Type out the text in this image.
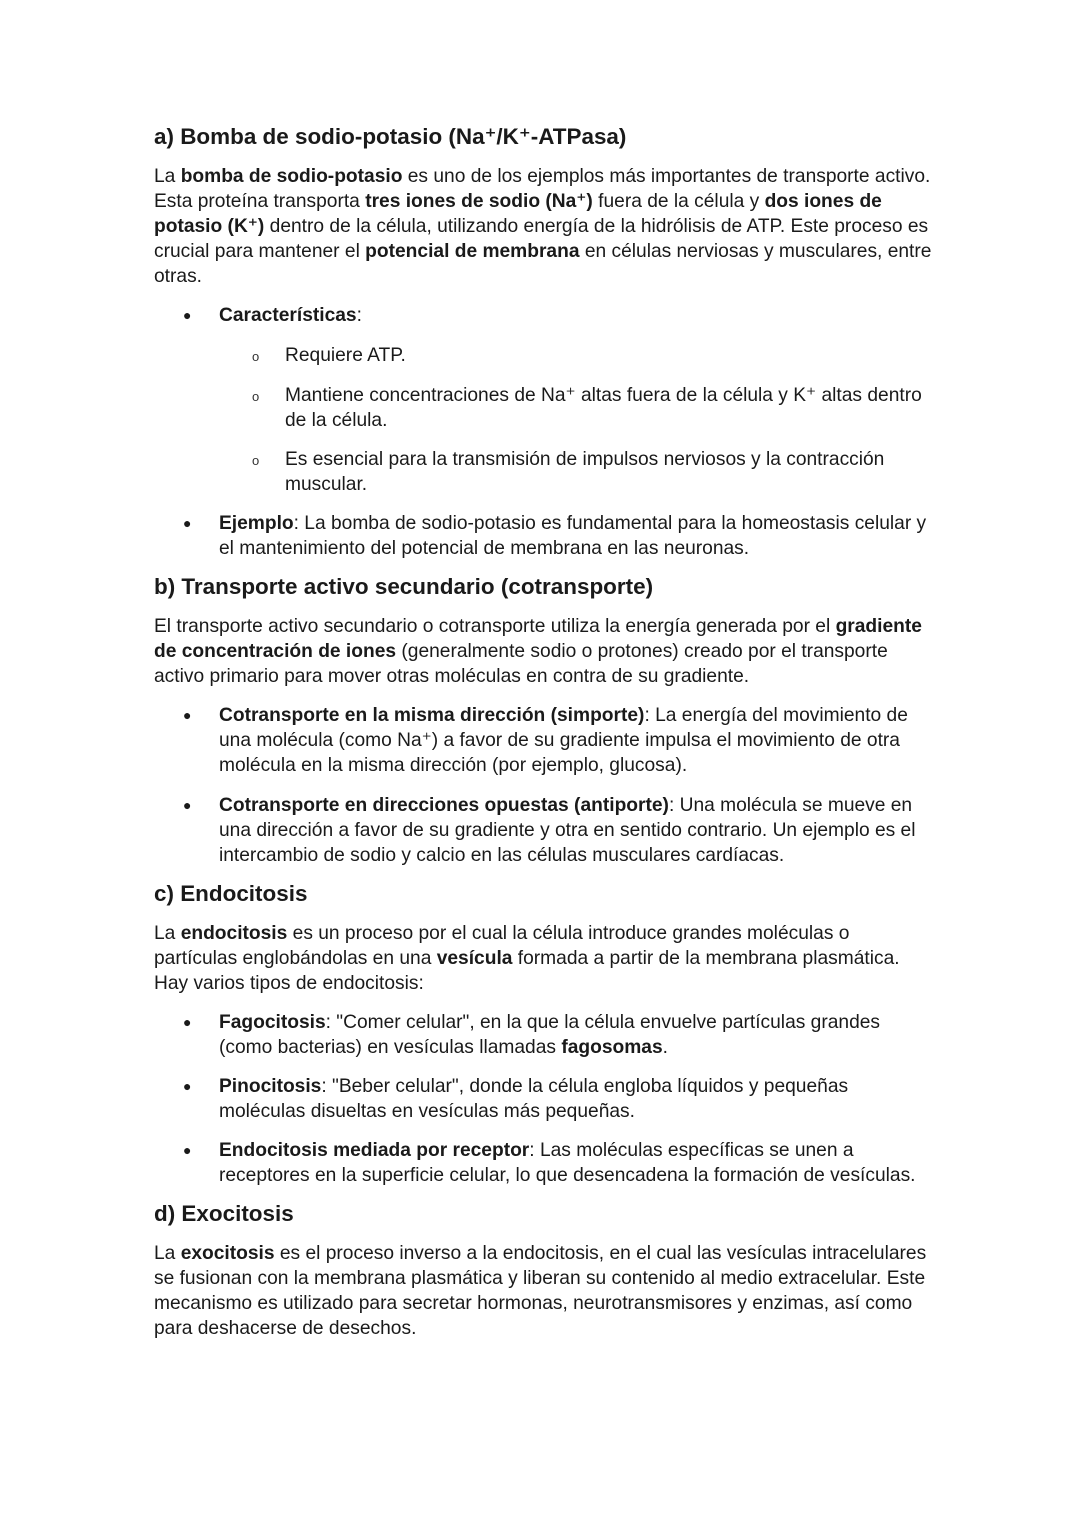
a) Bomba de sodio-potasio (Na⁺/K⁺-ATPasa)

La bomba de sodio-potasio es uno de los ejemplos más importantes de transporte activo. Esta proteína transporta tres iones de sodio (Na⁺) fuera de la célula y dos iones de potasio (K⁺) dentro de la célula, utilizando energía de la hidrólisis de ATP. Este proceso es crucial para mantener el potencial de membrana en células nerviosas y musculares, entre otras.

● Características:
o Requiere ATP.
o Mantiene concentraciones de Na⁺ altas fuera de la célula y K⁺ altas dentro de la célula.
o Es esencial para la transmisión de impulsos nerviosos y la contracción muscular.
● Ejemplo: La bomba de sodio-potasio es fundamental para la homeostasis celular y el mantenimiento del potencial de membrana en las neuronas.
b) Transporte activo secundario (cotransporte)

El transporte activo secundario o cotransporte utiliza la energía generada por el gradiente de concentración de iones (generalmente sodio o protones) creado por el transporte activo primario para mover otras moléculas en contra de su gradiente.

● Cotransporte en la misma dirección (simporte): La energía del movimiento de una molécula (como Na⁺) a favor de su gradiente impulsa el movimiento de otra molécula en la misma dirección (por ejemplo, glucosa).
● Cotransporte en direcciones opuestas (antiporte): Una molécula se mueve en una dirección a favor de su gradiente y otra en sentido contrario. Un ejemplo es el intercambio de sodio y calcio en las células musculares cardíacas.
c) Endocitosis

La endocitosis es un proceso por el cual la célula introduce grandes moléculas o partículas englobándolas en una vesícula formada a partir de la membrana plasmática. Hay varios tipos de endocitosis:

● Fagocitosis: "Comer celular", en la que la célula envuelve partículas grandes (como bacterias) en vesículas llamadas fagosomas.
● Pinocitosis: "Beber celular", donde la célula engloba líquidos y pequeñas moléculas disueltas en vesículas más pequeñas.
● Endocitosis mediada por receptor: Las moléculas específicas se unen a receptores en la superficie celular, lo que desencadena la formación de vesículas.
d) Exocitosis

La exocitosis es el proceso inverso a la endocitosis, en el cual las vesículas intracelulares se fusionan con la membrana plasmática y liberan su contenido al medio extracelular. Este mecanismo es utilizado para secretar hormonas, neurotransmisores y enzimas, así como para deshacerse de desechos.
